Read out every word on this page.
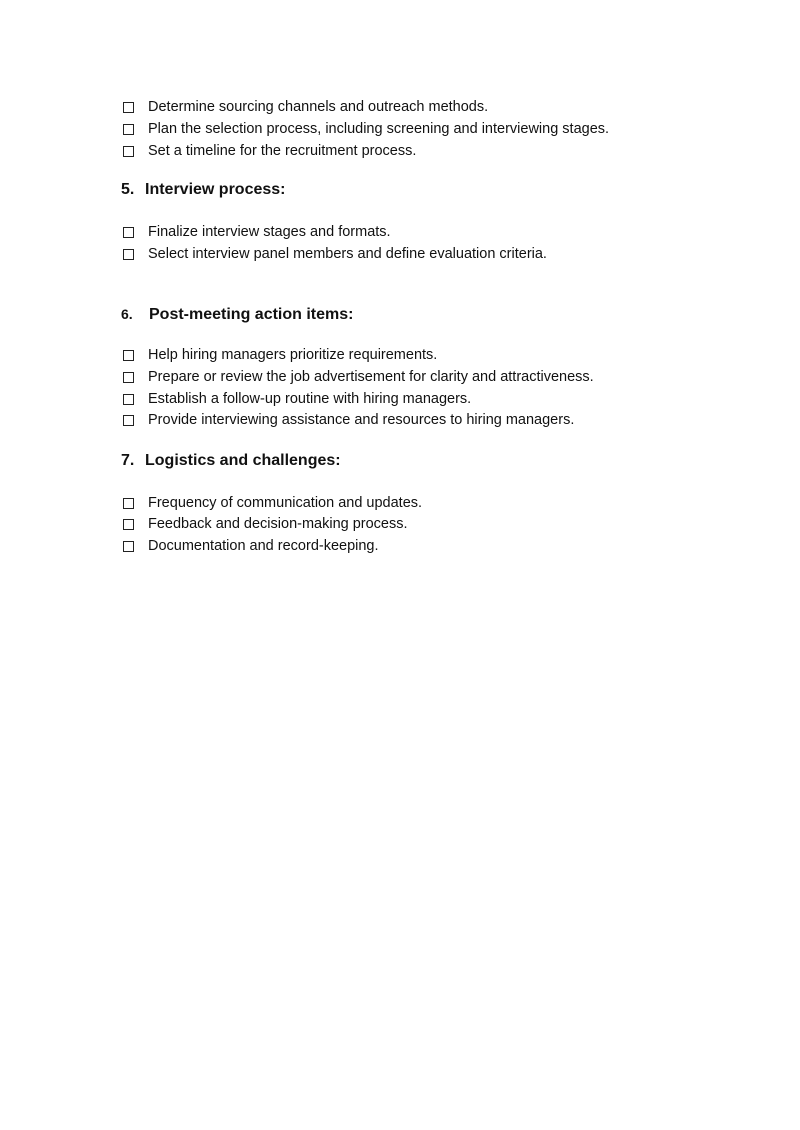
Determine sourcing channels and outreach methods.
Plan the selection process, including screening and interviewing stages.
Set a timeline for the recruitment process.
5. Interview process:
Finalize interview stages and formats.
Select interview panel members and define evaluation criteria.
6. Post-meeting action items:
Help hiring managers prioritize requirements.
Prepare or review the job advertisement for clarity and attractiveness.
Establish a follow-up routine with hiring managers.
Provide interviewing assistance and resources to hiring managers.
7. Logistics and challenges:
Frequency of communication and updates.
Feedback and decision-making process.
Documentation and record-keeping.
